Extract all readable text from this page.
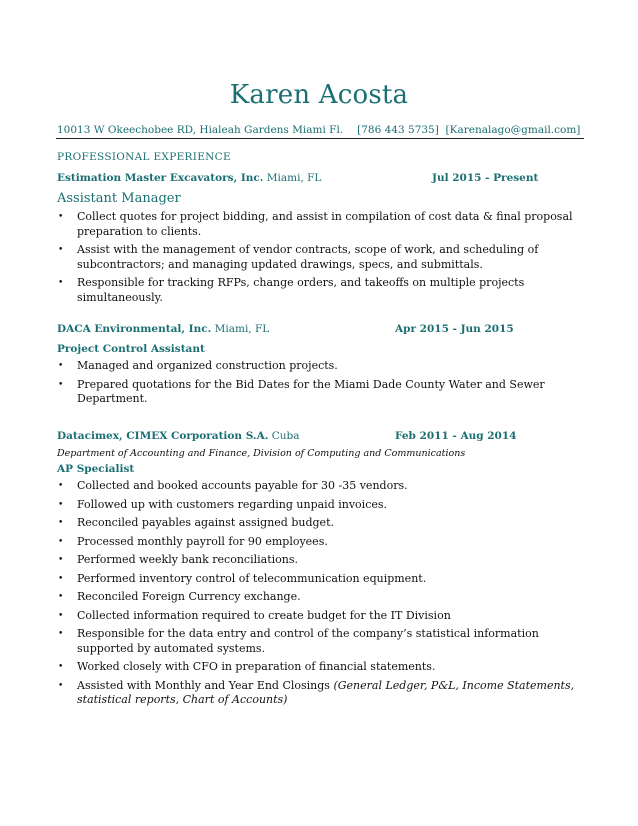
Karen Acosta
10013 W Okeechobee RD, Hialeah Gardens Miami Fl. [786 443 5735] [Karenalago@gmail.com]
PROFESSIONAL EXPERIENCE
Estimation Master Excavators, Inc. Miami, FL	Jul 2015 - Present
Assistant Manager
• Collect quotes for project bidding, and assist in compilation of cost data & final proposal preparation to clients.
• Assist with the management of vendor contracts, scope of work, and scheduling of subcontractors; and managing updated drawings, specs, and submittals.
• Responsible for tracking RFPs, change orders, and takeoffs on multiple projects simultaneously.
DACA Environmental, Inc. Miami, FL	Apr 2015 - Jun 2015
Project Control Assistant
• Managed and organized construction projects.
• Prepared quotations for the Bid Dates for the Miami Dade County Water and Sewer Department.
Datacimex, CIMEX Corporation S.A. Cuba	Feb 2011 - Aug 2014
Department of Accounting and Finance, Division of Computing and Communications
AP Specialist
• Collected and booked accounts payable for 30 -35 vendors.
• Followed up with customers regarding unpaid invoices.
• Reconciled payables against assigned budget.
• Processed monthly payroll for 90 employees.
• Performed weekly bank reconciliations.
• Performed inventory control of telecommunication equipment.
• Reconciled Foreign Currency exchange.
• Collected information required to create budget for the IT Division
• Responsible for the data entry and control of the company’s statistical information supported by automated systems.
• Worked closely with CFO in preparation of financial statements.
• Assisted with Monthly and Year End Closings (General Ledger, P&L, Income Statements, statistical reports, Chart of Accounts)
